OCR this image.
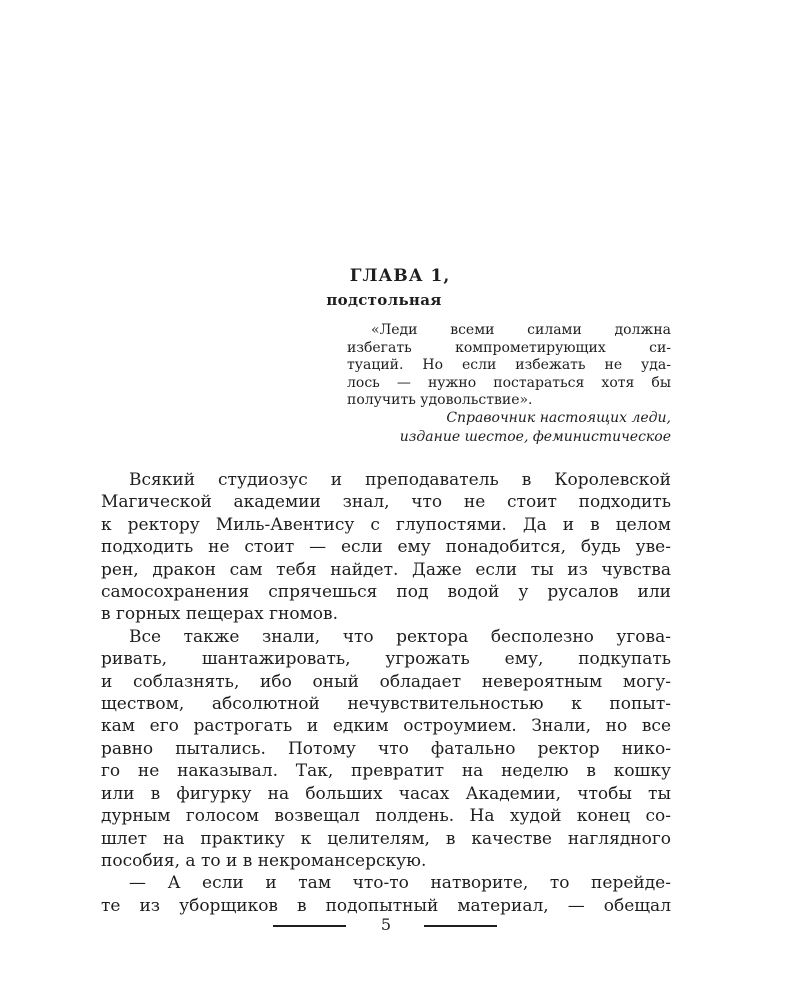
ГЛАВА 1,
подстольная
«Леди всеми силами должна
избегать компрометирующих си-
туаций. Но если избежать не уда-
лось — нужно постараться хотя бы
получить удовольствие».
Справочник настоящих леди,
издание шестое, феминистическое
Всякий студиозус и преподаватель в Королевской
Магической академии знал, что не стоит подходить
к ректору Миль-Авентису с глупостями. Да и в целом
подходить не стоит — если ему понадобится, будь уве-
рен, дракон сам тебя найдет. Даже если ты из чувства
самосохранения спрячешься под водой у русалов или
в горных пещерах гномов.
Все также знали, что ректора бесполезно угова-
ривать, шантажировать, угрожать ему, подкупать
и соблазнять, ибо оный обладает невероятным могу-
ществом, абсолютной нечувствительностью к попыт-
кам его растрогать и едким остроумием. Знали, но все
равно пытались. Потому что фатально ректор нико-
го не наказывал. Так, превратит на неделю в кошку
или в фигурку на больших часах Академии, чтобы ты
дурным голосом возвещал полдень. На худой конец со-
шлет на практику к целителям, в качестве наглядного
пособия, а то и в некромансерскую.
— А если и там что-то натворите, то перейде-
те из уборщиков в подопытный материал, — обещал
5
